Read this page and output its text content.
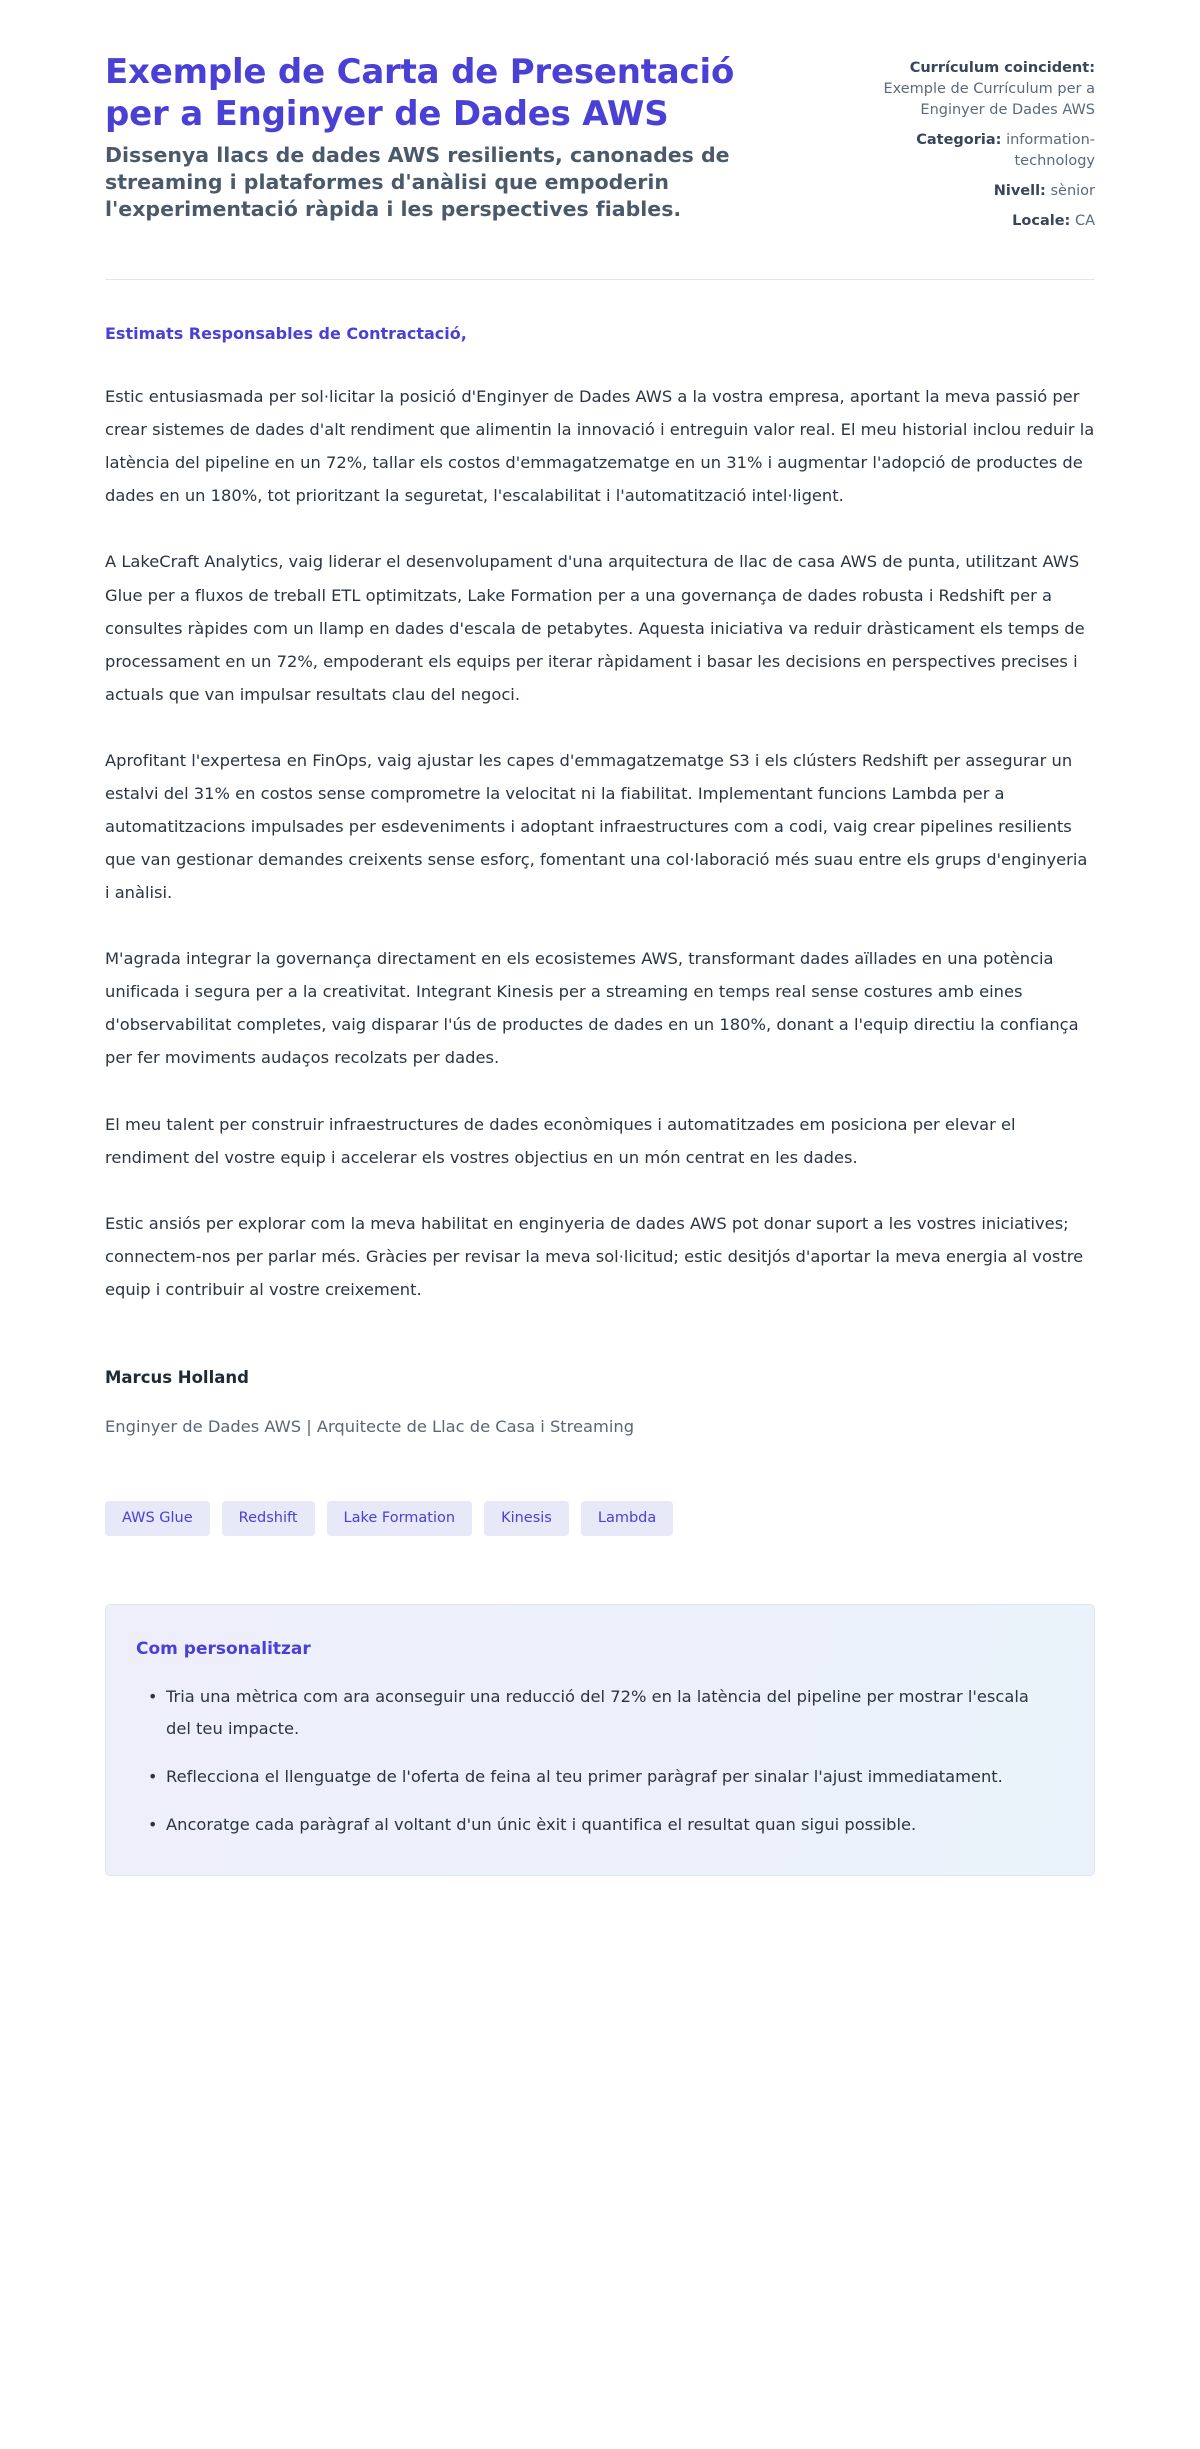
Exemple de Carta de Presentació per a Enginyer de Dades AWS

Dissenya llacs de dades AWS resilients, canonades de streaming i plataformes d'anàlisi que empoderin l'experimentació ràpida i les perspectives fiables.

Currículum coincident: Exemple de Currículum per a Enginyer de Dades AWS
Categoria: information-technology
Nivell: sènior
Locale: CA

Estimats Responsables de Contractació,

Estic entusiasmada per sol·licitar la posició d'Enginyer de Dades AWS a la vostra empresa, aportant la meva passió per crear sistemes de dades d'alt rendiment que alimentin la innovació i entreguin valor real. El meu historial inclou reduir la latència del pipeline en un 72%, tallar els costos d'emmagatzematge en un 31% i augmentar l'adopció de productes de dades en un 180%, tot prioritzant la seguretat, l'escalabilitat i l'automatització intel·ligent.

A LakeCraft Analytics, vaig liderar el desenvolupament d'una arquitectura de llac de casa AWS de punta, utilitzant AWS Glue per a fluxos de treball ETL optimitzats, Lake Formation per a una governança de dades robusta i Redshift per a consultes ràpides com un llamp en dades d'escala de petabytes. Aquesta iniciativa va reduir dràsticament els temps de processament en un 72%, empoderant els equips per iterar ràpidament i basar les decisions en perspectives precises i actuals que van impulsar resultats clau del negoci.

Aprofitant l'expertesa en FinOps, vaig ajustar les capes d'emmagatzematge S3 i els clústers Redshift per assegurar un estalvi del 31% en costos sense comprometre la velocitat ni la fiabilitat. Implementant funcions Lambda per a automatitzacions impulsades per esdeveniments i adoptant infraestructures com a codi, vaig crear pipelines resilients que van gestionar demandes creixents sense esforç, fomentant una col·laboració més suau entre els grups d'enginyeria i anàlisi.

M'agrada integrar la governança directament en els ecosistemes AWS, transformant dades aïllades en una potència unificada i segura per a la creativitat. Integrant Kinesis per a streaming en temps real sense costures amb eines d'observabilitat completes, vaig disparar l'ús de productes de dades en un 180%, donant a l'equip directiu la confiança per fer moviments audaços recolzats per dades.

El meu talent per construir infraestructures de dades econòmiques i automatitzades em posiciona per elevar el rendiment del vostre equip i accelerar els vostres objectius en un món centrat en les dades.

Estic ansiós per explorar com la meva habilitat en enginyeria de dades AWS pot donar suport a les vostres iniciatives; connectem-nos per parlar més. Gràcies per revisar la meva sol·licitud; estic desitjós d'aportar la meva energia al vostre equip i contribuir al vostre creixement.

Marcus Holland

Enginyer de Dades AWS | Arquitecte de Llac de Casa i Streaming

AWS Glue	Redshift	Lake Formation	Kinesis	Lambda
Com personalitzar
• Tria una mètrica com ara aconseguir una reducció del 72% en la latència del pipeline per mostrar l'escala del teu impacte.
• Reflecciona el llenguatge de l'oferta de feina al teu primer paràgraf per sinalar l'ajust immediatament.
• Ancoratge cada paràgraf al voltant d'un únic èxit i quantifica el resultat quan sigui possible.
